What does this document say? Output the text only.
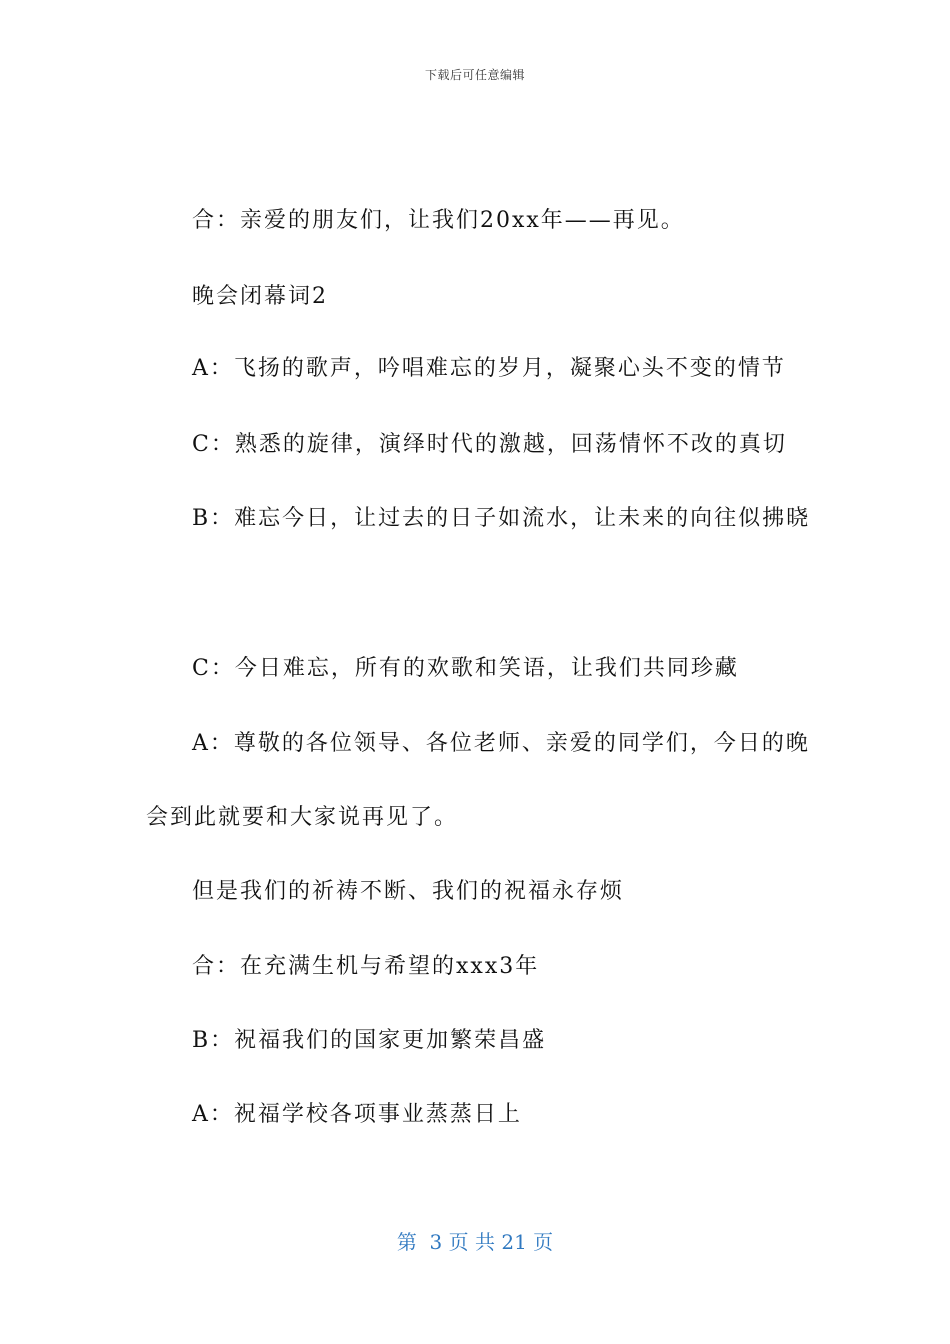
下载后可任意编辑
合：亲爱的朋友们，让我们20xx年——再见。
晚会闭幕词2
A：飞扬的歌声，吟唱难忘的岁月，凝聚心头不变的情节
C：熟悉的旋律，演绎时代的激越，回荡情怀不改的真切
B：难忘今日，让过去的日子如流水，让未来的向往似拂晓
C：今日难忘，所有的欢歌和笑语，让我们共同珍藏
A：尊敬的各位领导、各位老师、亲爱的同学们，今日的晚
会到此就要和大家说再见了。
但是我们的祈祷不断、我们的祝福永存烦
合：在充满生机与希望的xxx3年
B：祝福我们的国家更加繁荣昌盛
A：祝福学校各项事业蒸蒸日上
第  3 页 共 21 页
